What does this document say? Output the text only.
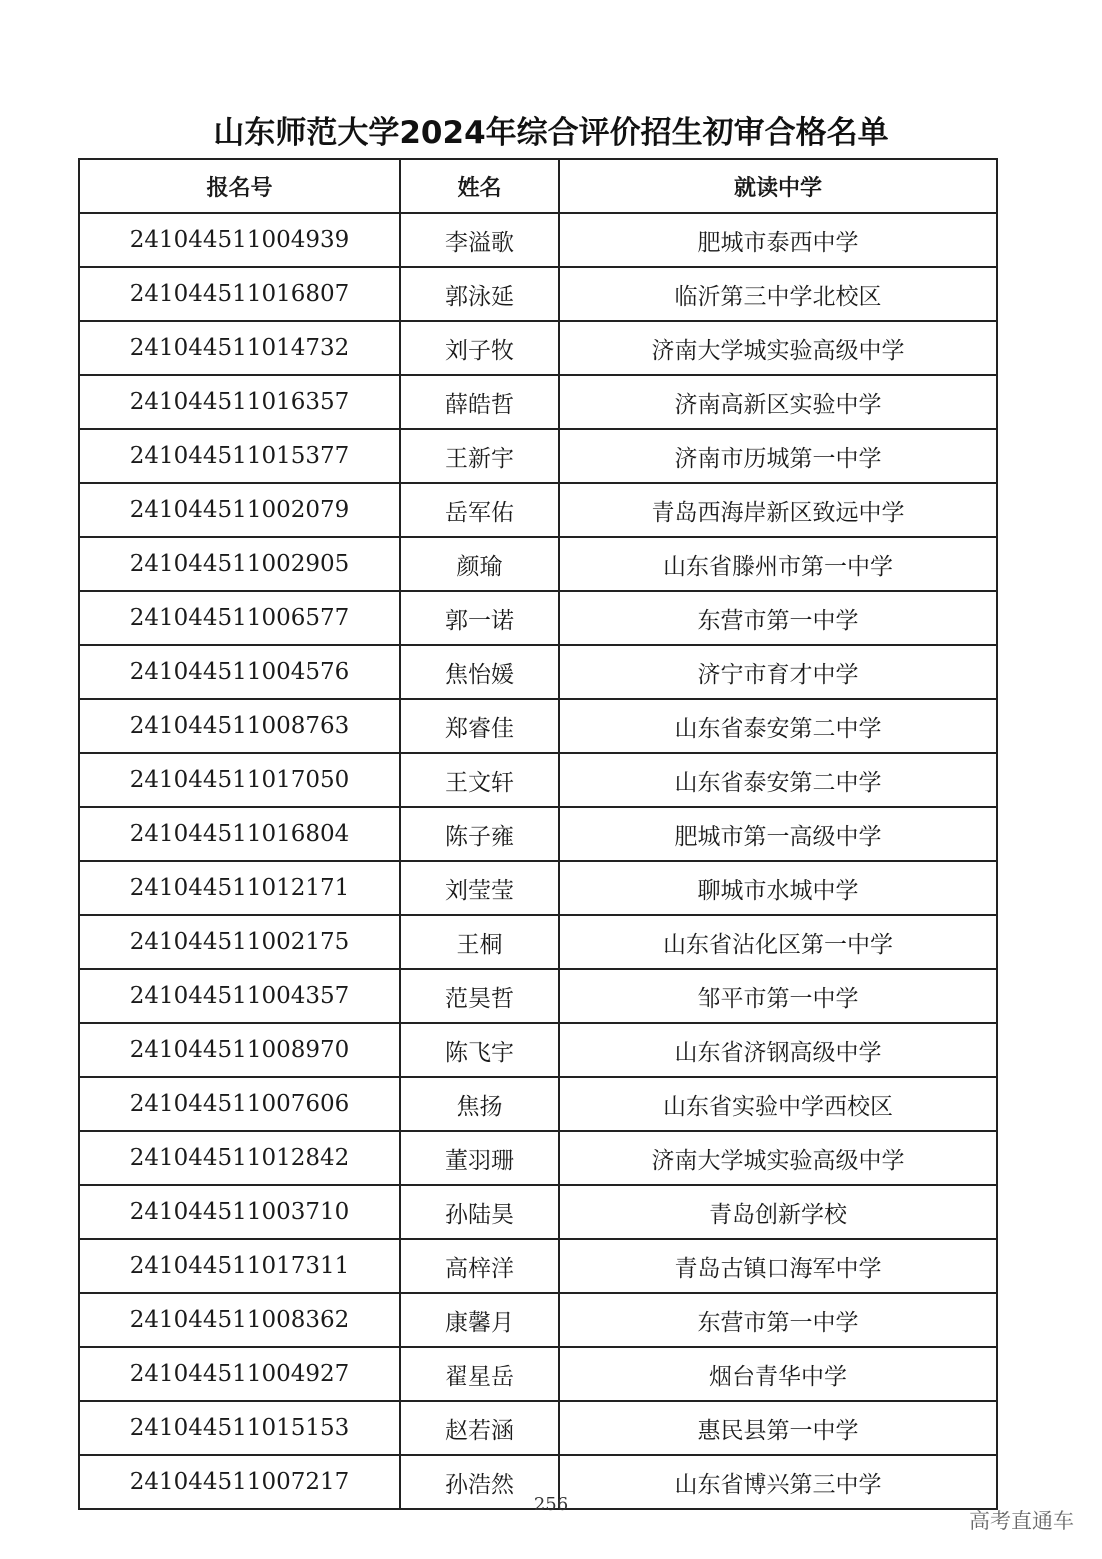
山东师范大学2024年综合评价招生初审合格名单
报名号	姓名	就读中学
241044511004939	李溢歌	肥城市泰西中学
241044511016807	郭泳延	临沂第三中学北校区
241044511014732	刘子牧	济南大学城实验高级中学
241044511016357	薛皓哲	济南高新区实验中学
241044511015377	王新宇	济南市历城第一中学
241044511002079	岳军佑	青岛西海岸新区致远中学
241044511002905	颜瑜	山东省滕州市第一中学
241044511006577	郭一诺	东营市第一中学
241044511004576	焦怡媛	济宁市育才中学
241044511008763	郑睿佳	山东省泰安第二中学
241044511017050	王文轩	山东省泰安第二中学
241044511016804	陈子雍	肥城市第一高级中学
241044511012171	刘莹莹	聊城市水城中学
241044511002175	王桐	山东省沾化区第一中学
241044511004357	范昊哲	邹平市第一中学
241044511008970	陈飞宇	山东省济钢高级中学
241044511007606	焦扬	山东省实验中学西校区
241044511012842	董羽珊	济南大学城实验高级中学
241044511003710	孙陆昊	青岛创新学校
241044511017311	高梓洋	青岛古镇口海军中学
241044511008362	康馨月	东营市第一中学
241044511004927	翟星岳	烟台青华中学
241044511015153	赵若涵	惠民县第一中学
241044511007217	孙浩然	山东省博兴第三中学
256
高考直通车
